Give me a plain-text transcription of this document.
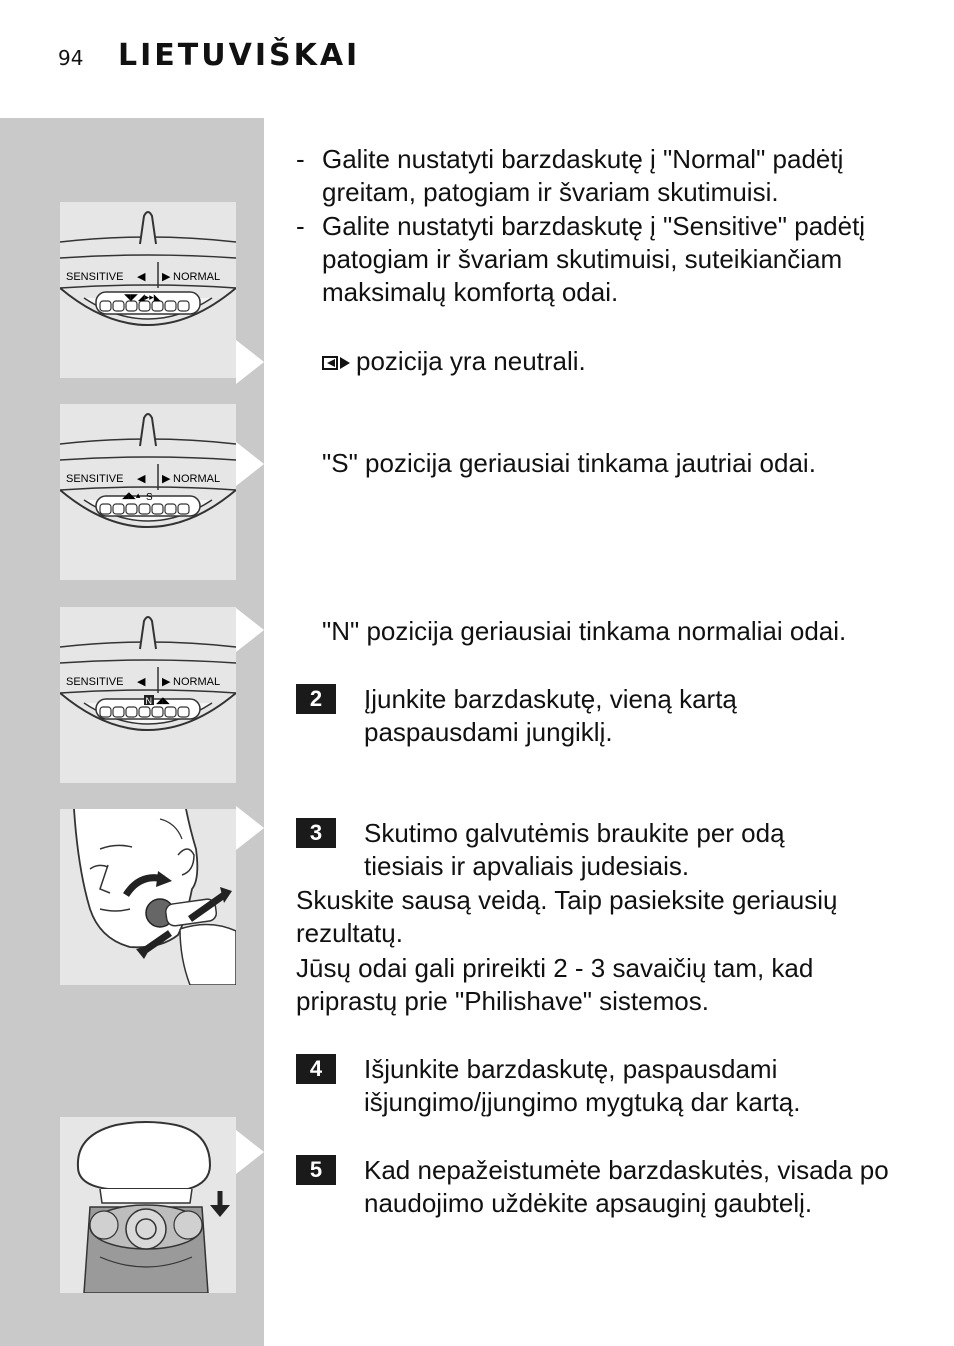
94 LIETUVIŠKAI
SENSITIVE ◀ ▶ NORMAL
◥◤◢▸▸◣
SENSITIVE ◀ ▶ NORMAL
◢◣▴ S
SENSITIVE ◀ ▶ NORMAL
N ◢◣
- Galite nustatyti barzdaskutę į "Normal" padėtį greitam, patogiam ir švariam skutimuisi.
- Galite nustatyti barzdaskutę į "Sensitive" padėtį patogiam ir švariam skutimuisi, suteikiančiam maksimalų komfortą odai.
pozicija yra neutrali.
"S" pozicija geriausiai tinkama jautriai odai.
"N" pozicija geriausiai tinkama normaliai odai.
2	Įjunkite barzdaskutę, vieną kartą paspausdami jungiklį.
3	Skutimo galvutėmis braukite per odą tiesiais ir apvaliais judesiais.
Skuskite sausą veidą. Taip pasieksite geriausių rezultatų.
Jūsų odai gali prireikti 2 - 3 savaičių tam, kad priprastų prie "Philishave" sistemos.
4	Išjunkite barzdaskutę, paspausdami išjungimo/įjungimo mygtuką dar kartą.
5	Kad nepažeistumėte barzdaskutės, visada po naudojimo uždėkite apsauginį gaubtelį.
